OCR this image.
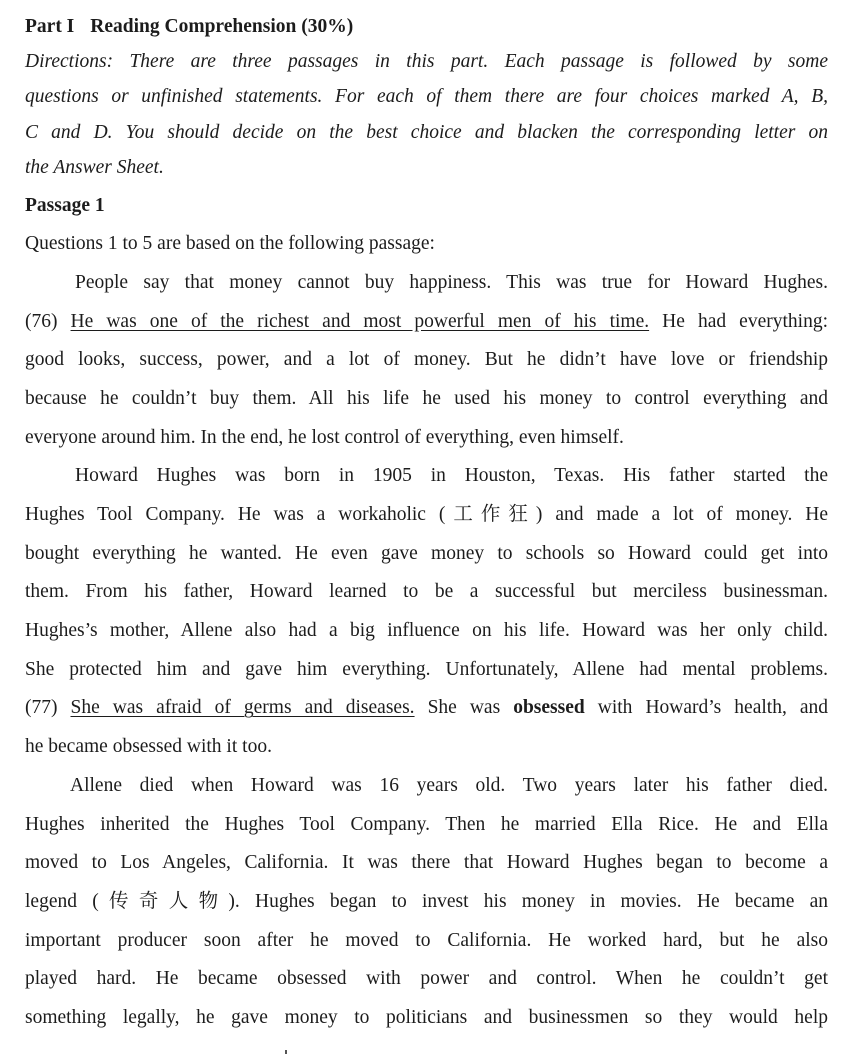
Part I Reading Comprehension (30%)
Directions: There are three passages in this part. Each passage is followed by some
questions or unfinished statements. For each of them there are four choices marked A, B,
C and D. You should decide on the best choice and blacken the corresponding letter on
the Answer Sheet.
Passage 1
Questions 1 to 5 are based on the following passage:
People say that money cannot buy happiness. This was true for Howard Hughes.
(76) He was one of the richest and most powerful men of his time. He had everything:
good looks, success, power, and a lot of money. But he didn’t have love or friendship
because he couldn’t buy them. All his life he used his money to control everything and
everyone around him. In the end, he lost control of everything, even himself.
Howard Hughes was born in 1905 in Houston, Texas. His father started the
Hughes Tool Company. He was a workaholic (工作狂) and made a lot of money. He
bought everything he wanted. He even gave money to schools so Howard could get into
them. From his father, Howard learned to be a successful but merciless businessman.
Hughes’s mother, Allene also had a big influence on his life. Howard was her only child.
She protected him and gave him everything. Unfortunately, Allene had mental problems.
(77) She was afraid of germs and diseases. She was obsessed with Howard’s health, and
he became obsessed with it too.
Allene died when Howard was 16 years old. Two years later his father died.
Hughes inherited the Hughes Tool Company. Then he married Ella Rice. He and Ella
moved to Los Angeles, California. It was there that Howard Hughes began to become a
legend (传奇人物). Hughes began to invest his money in movies. He became an
important producer soon after he moved to California. He worked hard, but he also
played hard. He became obsessed with power and control. When he couldn’t get
something legally, he gave money to politicians and businessmen so they would help
